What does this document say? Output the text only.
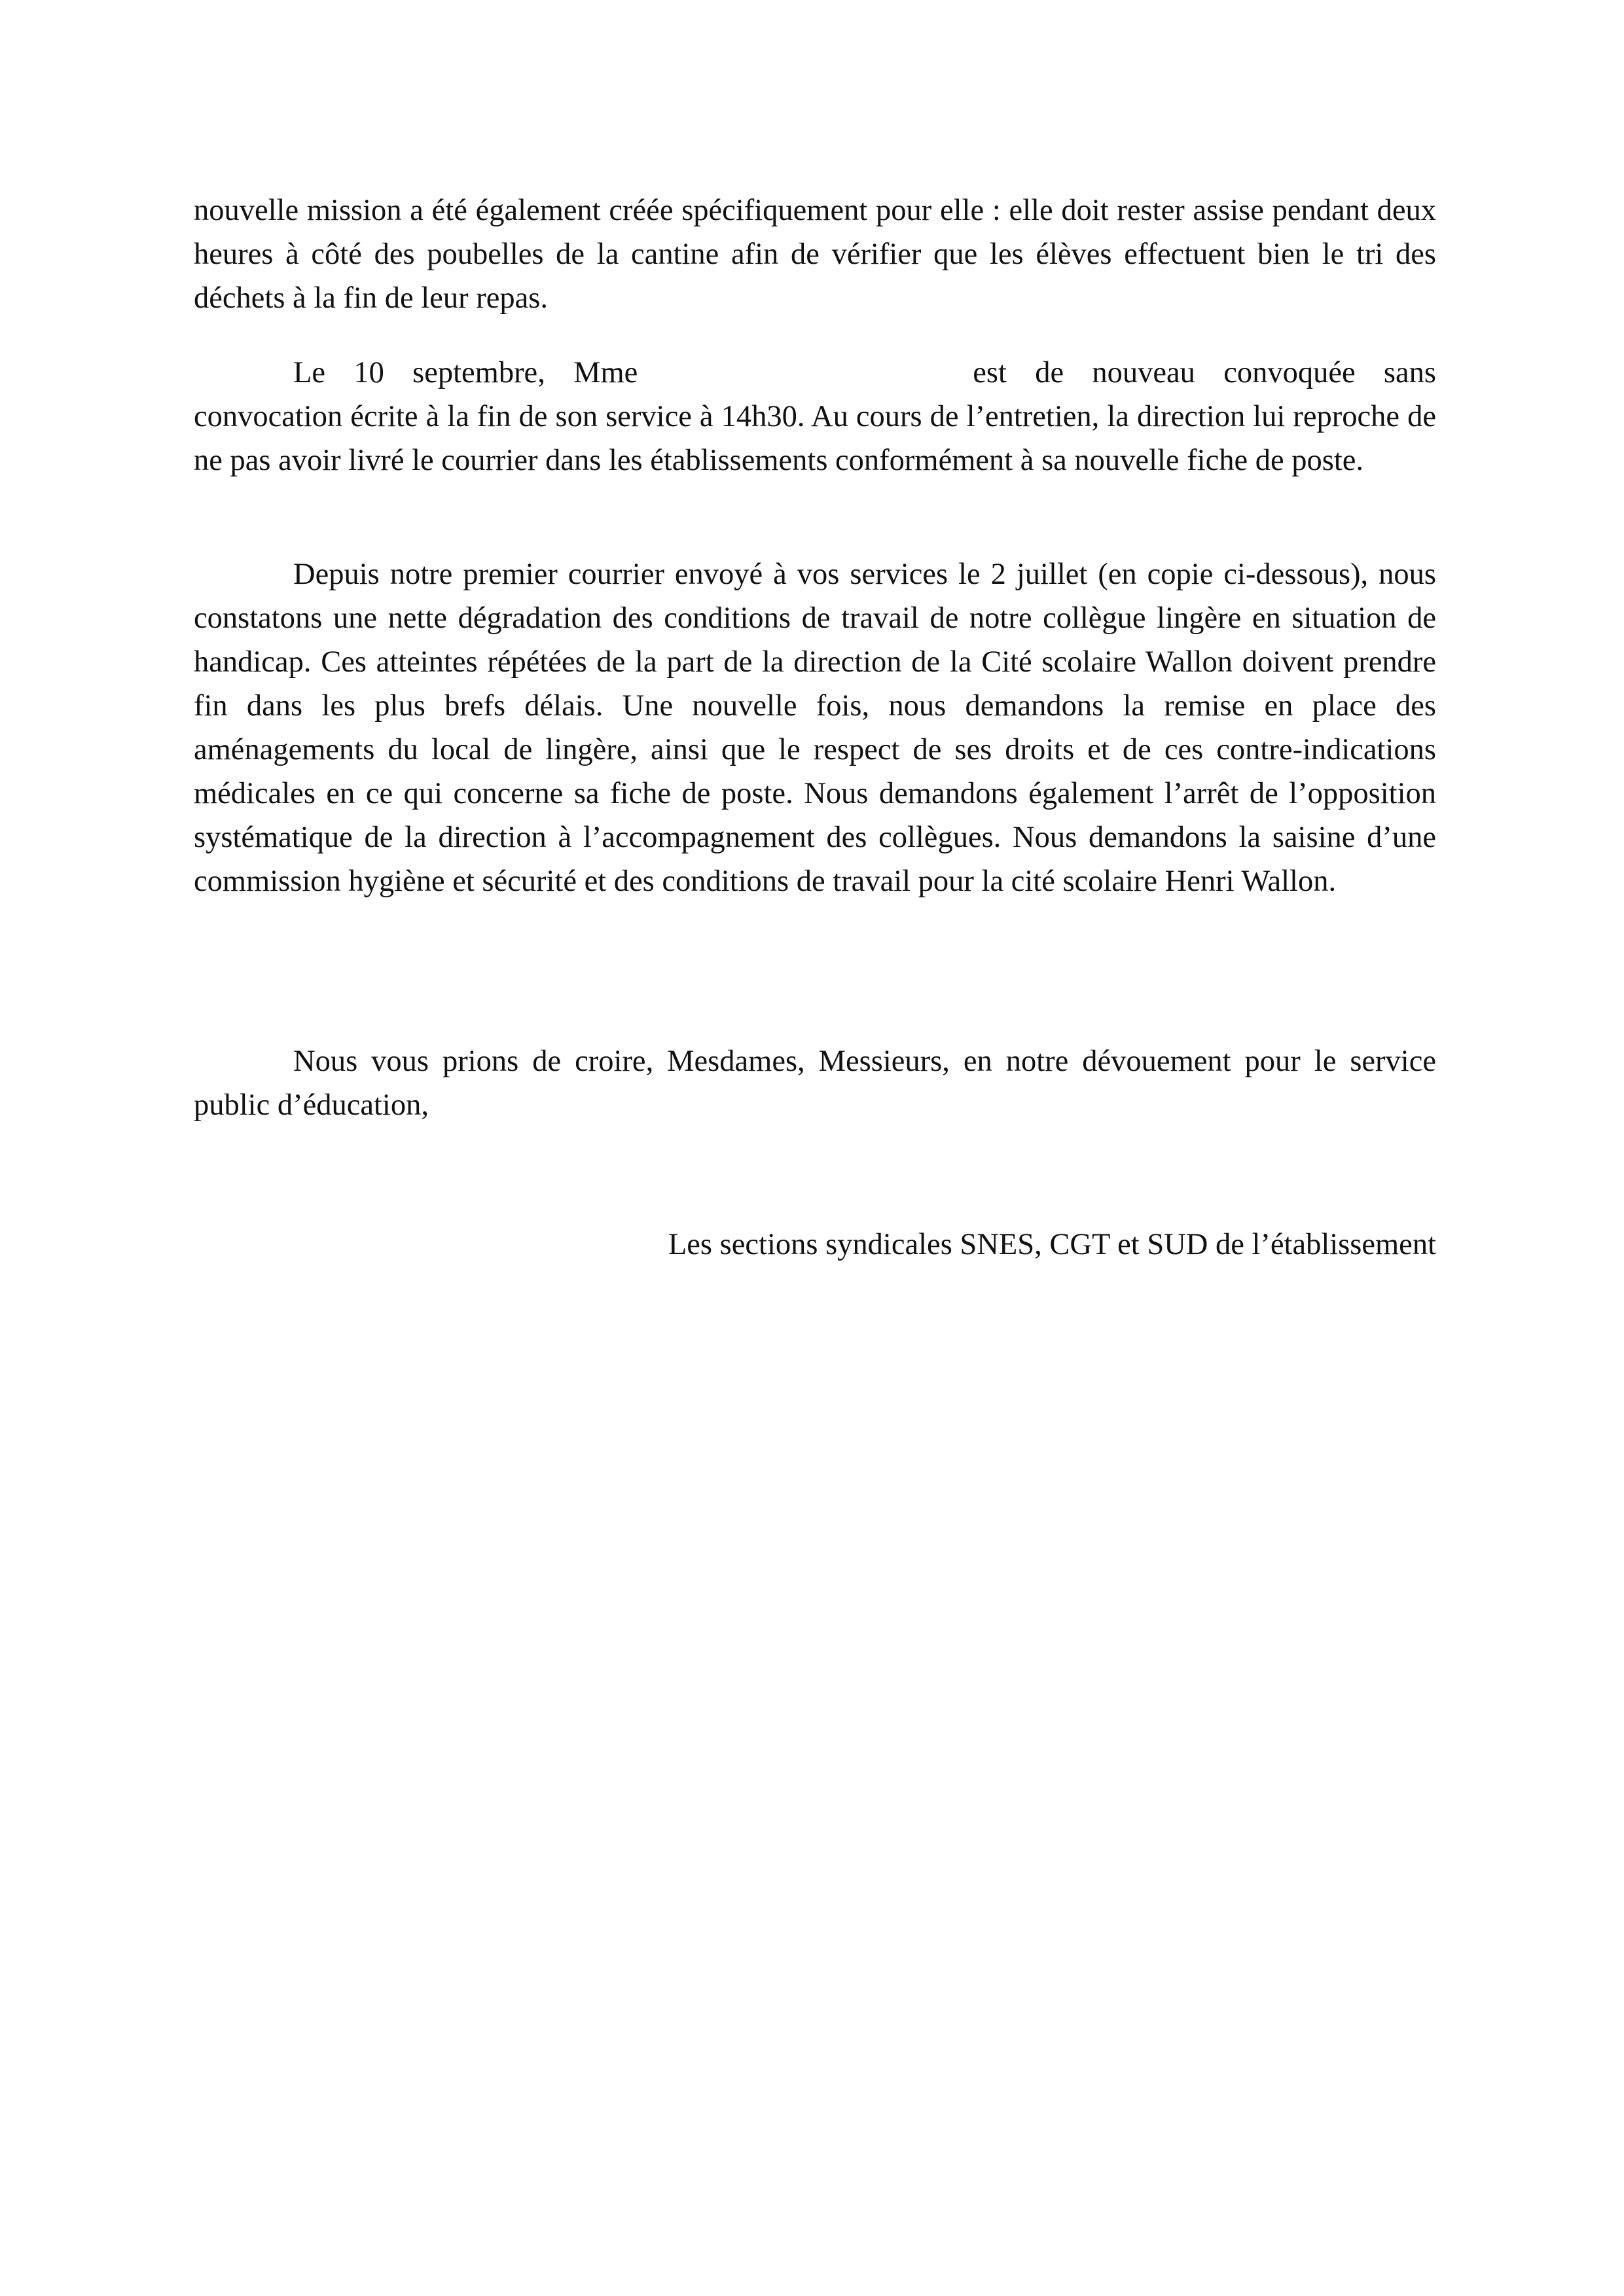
nouvelle mission a été également créée spécifiquement pour elle : elle doit rester assise pendant deux heures à côté des poubelles de la cantine afin de vérifier que les élèves effectuent bien le tri des déchets à la fin de leur repas.

Le 10 septembre, Mme	est de nouveau convoquée sans convocation écrite à la fin de son service à 14h30. Au cours de l’entretien, la direction lui reproche de ne pas avoir livré le courrier dans les établissements conformément à sa nouvelle fiche de poste.

Depuis notre premier courrier envoyé à vos services le 2 juillet (en copie ci-dessous), nous constatons une nette dégradation des conditions de travail de notre collègue lingère en situation de handicap. Ces atteintes répétées de la part de la direction de la Cité scolaire Wallon doivent prendre fin dans les plus brefs délais. Une nouvelle fois, nous demandons la remise en place des aménagements du local de lingère, ainsi que le respect de ses droits et de ces contre-indications médicales en ce qui concerne sa fiche de poste. Nous demandons également l’arrêt de l’opposition systématique de la direction à l’accompagnement des collègues. Nous demandons la saisine d’une commission hygiène et sécurité et des conditions de travail pour la cité scolaire Henri Wallon.

Nous vous prions de croire, Mesdames, Messieurs, en notre dévouement pour le service public d’éducation,

Les sections syndicales SNES, CGT et SUD de l’établissement
